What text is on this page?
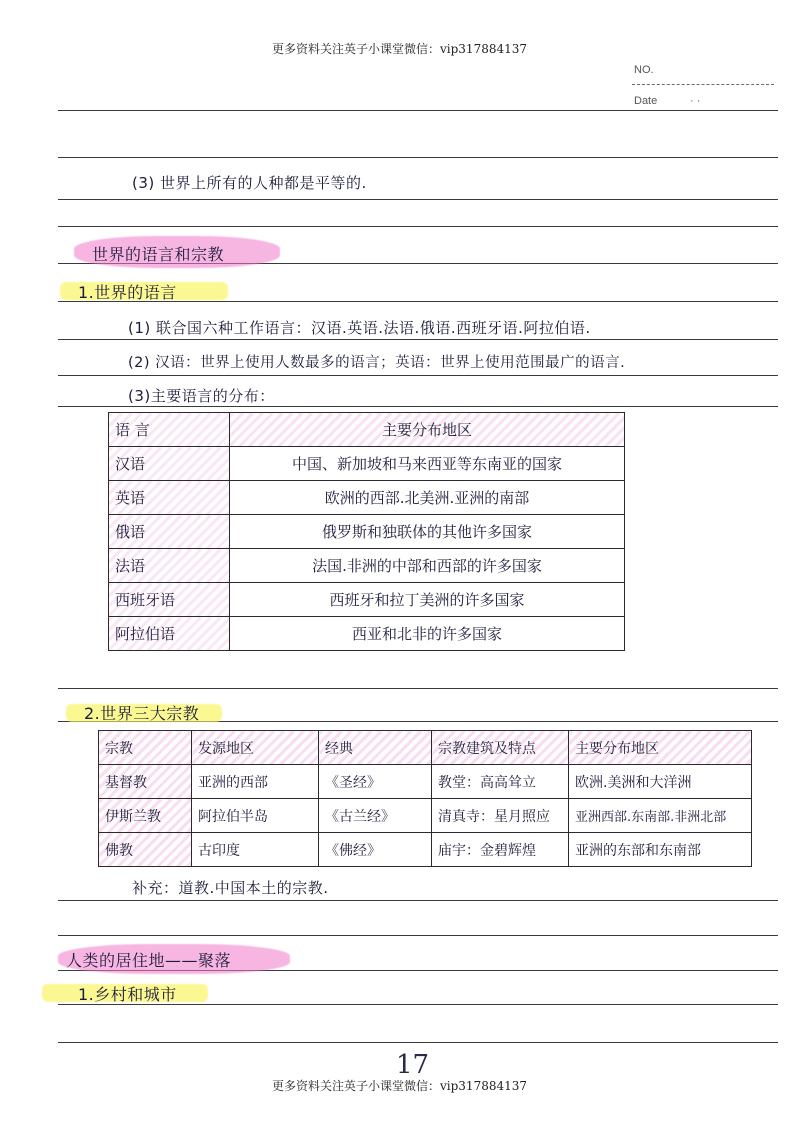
更多资料关注英子小课堂微信：vip317884137
NO.
Date	· ·
(3) 世界上所有的人种都是平等的.
世界的语言和宗教
1.世界的语言
(1) 联合国六种工作语言：汉语.英语.法语.俄语.西班牙语.阿拉伯语.
(2) 汉语：世界上使用人数最多的语言；英语：世界上使用范围最广的语言.
(3)主要语言的分布：
语 言	主要分布地区
汉语	中国、新加坡和马来西亚等东南亚的国家
英语	欧洲的西部.北美洲.亚洲的南部
俄语	俄罗斯和独联体的其他许多国家
法语	法国.非洲的中部和西部的许多国家
西班牙语	西班牙和拉丁美洲的许多国家
阿拉伯语	西亚和北非的许多国家
2.世界三大宗教
宗教	发源地区	经典	宗教建筑及特点	主要分布地区
基督教	亚洲的西部	《圣经》	教堂：高高耸立	欧洲.美洲和大洋洲
伊斯兰教	阿拉伯半岛	《古兰经》	清真寺：星月照应	亚洲西部.东南部.非洲北部
佛教	古印度	《佛经》	庙宇：金碧辉煌	亚洲的东部和东南部
补充：道教.中国本土的宗教.
人类的居住地——聚落
1.乡村和城市
17
更多资料关注英子小课堂微信：vip317884137
